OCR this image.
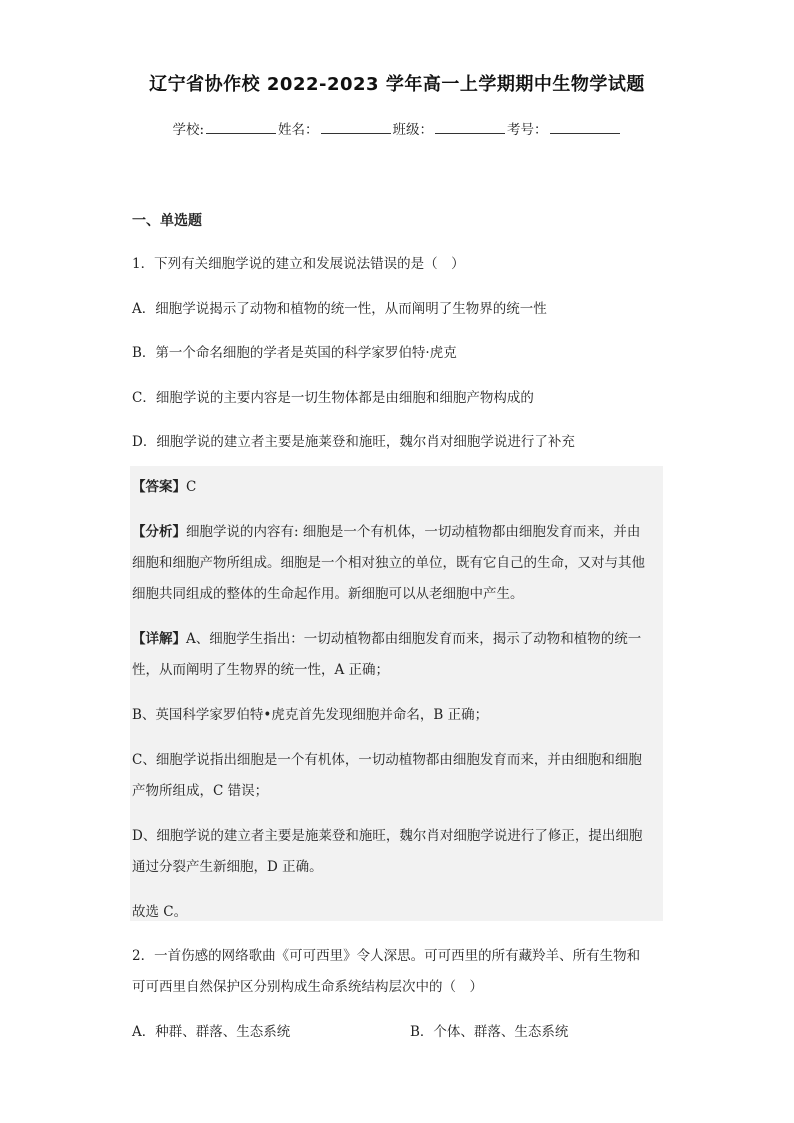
辽宁省协作校 2022-2023 学年高一上学期期中生物学试题
学校:	姓名：	班级：	考号：
一、单选题
1．下列有关细胞学说的建立和发展说法错误的是（　）
A．细胞学说揭示了动物和植物的统一性，从而阐明了生物界的统一性
B．第一个命名细胞的学者是英国的科学家罗伯特·虎克
C．细胞学说的主要内容是一切生物体都是由细胞和细胞产物构成的
D．细胞学说的建立者主要是施莱登和施旺，魏尔肖对细胞学说进行了补充
【答案】C
【分析】细胞学说的内容有: 细胞是一个有机体，一切动植物都由细胞发育而来，并由
细胞和细胞产物所组成。细胞是一个相对独立的单位，既有它自己的生命，又对与其他
细胞共同组成的整体的生命起作用。新细胞可以从老细胞中产生。
【详解】A、细胞学生指出：一切动植物都由细胞发育而来，揭示了动物和植物的统一
性，从而阐明了生物界的统一性，A 正确；
B、英国科学家罗伯特•虎克首先发现细胞并命名，B 正确；
C、细胞学说指出细胞是一个有机体，一切动植物都由细胞发育而来，并由细胞和细胞
产物所组成，C 错误；
D、细胞学说的建立者主要是施莱登和施旺，魏尔肖对细胞学说进行了修正，提出细胞
通过分裂产生新细胞，D 正确。
故选 C。
2．一首伤感的网络歌曲《可可西里》令人深思。可可西里的所有藏羚羊、所有生物和
可可西里自然保护区分别构成生命系统结构层次中的（　）
A．种群、群落、生态系统	B．个体、群落、生态系统
